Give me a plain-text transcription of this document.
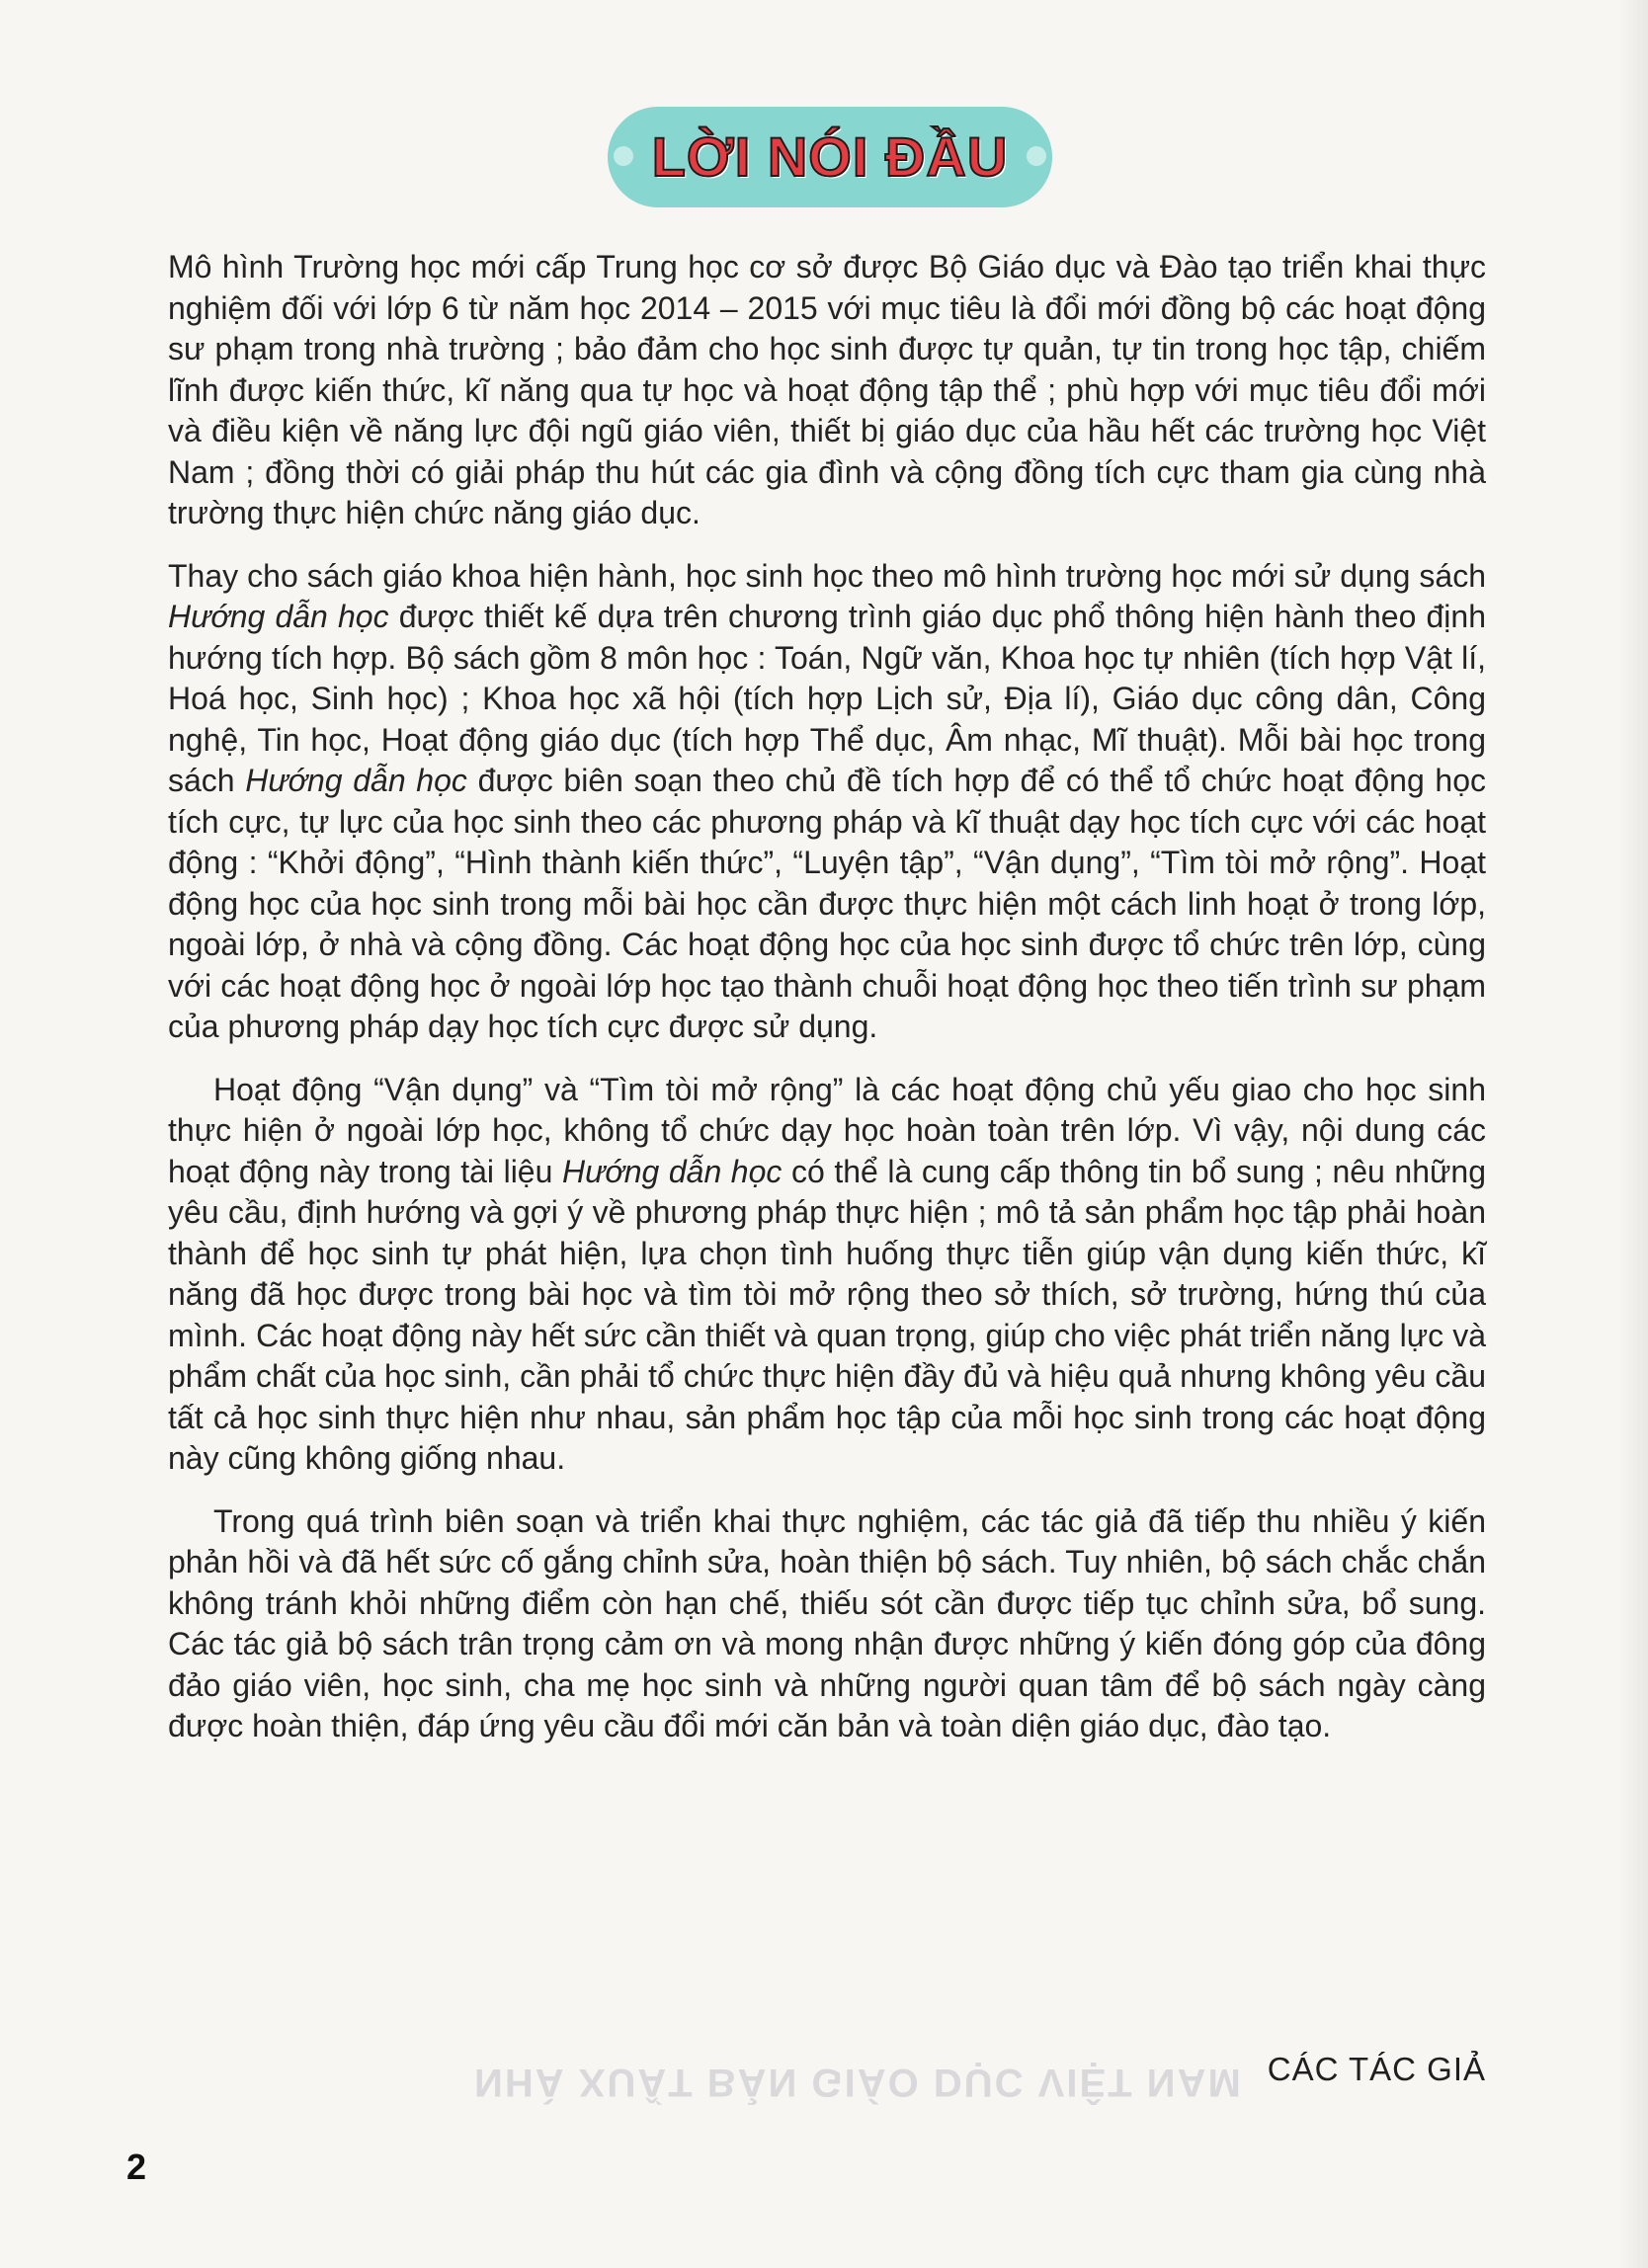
NHÀ XUẤT BẢN GIÁO DỤC VIỆT NAM
LỜI NÓI ĐẦU

Mô hình Trường học mới cấp Trung học cơ sở được Bộ Giáo dục và Đào tạo triển khai thực nghiệm đối với lớp 6 từ năm học 2014 – 2015 với mục tiêu là đổi mới đồng bộ các hoạt động sư phạm trong nhà trường ; bảo đảm cho học sinh được tự quản, tự tin trong học tập, chiếm lĩnh được kiến thức, kĩ năng qua tự học và hoạt động tập thể ; phù hợp với mục tiêu đổi mới và điều kiện về năng lực đội ngũ giáo viên, thiết bị giáo dục của hầu hết các trường học Việt Nam ; đồng thời có giải pháp thu hút các gia đình và cộng đồng tích cực tham gia cùng nhà trường thực hiện chức năng giáo dục.

Thay cho sách giáo khoa hiện hành, học sinh học theo mô hình trường học mới sử dụng sách Hướng dẫn học được thiết kế dựa trên chương trình giáo dục phổ thông hiện hành theo định hướng tích hợp. Bộ sách gồm 8 môn học : Toán, Ngữ văn, Khoa học tự nhiên (tích hợp Vật lí, Hoá học, Sinh học) ; Khoa học xã hội (tích hợp Lịch sử, Địa lí), Giáo dục công dân, Công nghệ, Tin học, Hoạt động giáo dục (tích hợp Thể dục, Âm nhạc, Mĩ thuật). Mỗi bài học trong sách Hướng dẫn học được biên soạn theo chủ đề tích hợp để có thể tổ chức hoạt động học tích cực, tự lực của học sinh theo các phương pháp và kĩ thuật dạy học tích cực với các hoạt động : “Khởi động”, “Hình thành kiến thức”, “Luyện tập”, “Vận dụng”, “Tìm tòi mở rộng”. Hoạt động học của học sinh trong mỗi bài học cần được thực hiện một cách linh hoạt ở trong lớp, ngoài lớp, ở nhà và cộng đồng. Các hoạt động học của học sinh được tổ chức trên lớp, cùng với các hoạt động học ở ngoài lớp học tạo thành chuỗi hoạt động học theo tiến trình sư phạm của phương pháp dạy học tích cực được sử dụng.

Hoạt động “Vận dụng” và “Tìm tòi mở rộng” là các hoạt động chủ yếu giao cho học sinh thực hiện ở ngoài lớp học, không tổ chức dạy học hoàn toàn trên lớp. Vì vậy, nội dung các hoạt động này trong tài liệu Hướng dẫn học có thể là cung cấp thông tin bổ sung ; nêu những yêu cầu, định hướng và gợi ý về phương pháp thực hiện ; mô tả sản phẩm học tập phải hoàn thành để học sinh tự phát hiện, lựa chọn tình huống thực tiễn giúp vận dụng kiến thức, kĩ năng đã học được trong bài học và tìm tòi mở rộng theo sở thích, sở trường, hứng thú của mình. Các hoạt động này hết sức cần thiết và quan trọng, giúp cho việc phát triển năng lực và phẩm chất của học sinh, cần phải tổ chức thực hiện đầy đủ và hiệu quả nhưng không yêu cầu tất cả học sinh thực hiện như nhau, sản phẩm học tập của mỗi học sinh trong các hoạt động này cũng không giống nhau.

Trong quá trình biên soạn và triển khai thực nghiệm, các tác giả đã tiếp thu nhiều ý kiến phản hồi và đã hết sức cố gắng chỉnh sửa, hoàn thiện bộ sách. Tuy nhiên, bộ sách chắc chắn không tránh khỏi những điểm còn hạn chế, thiếu sót cần được tiếp tục chỉnh sửa, bổ sung. Các tác giả bộ sách trân trọng cảm ơn và mong nhận được những ý kiến đóng góp của đông đảo giáo viên, học sinh, cha mẹ học sinh và những người quan tâm để bộ sách ngày càng được hoàn thiện, đáp ứng yêu cầu đổi mới căn bản và toàn diện giáo dục, đào tạo.

CÁC TÁC GIẢ
2
